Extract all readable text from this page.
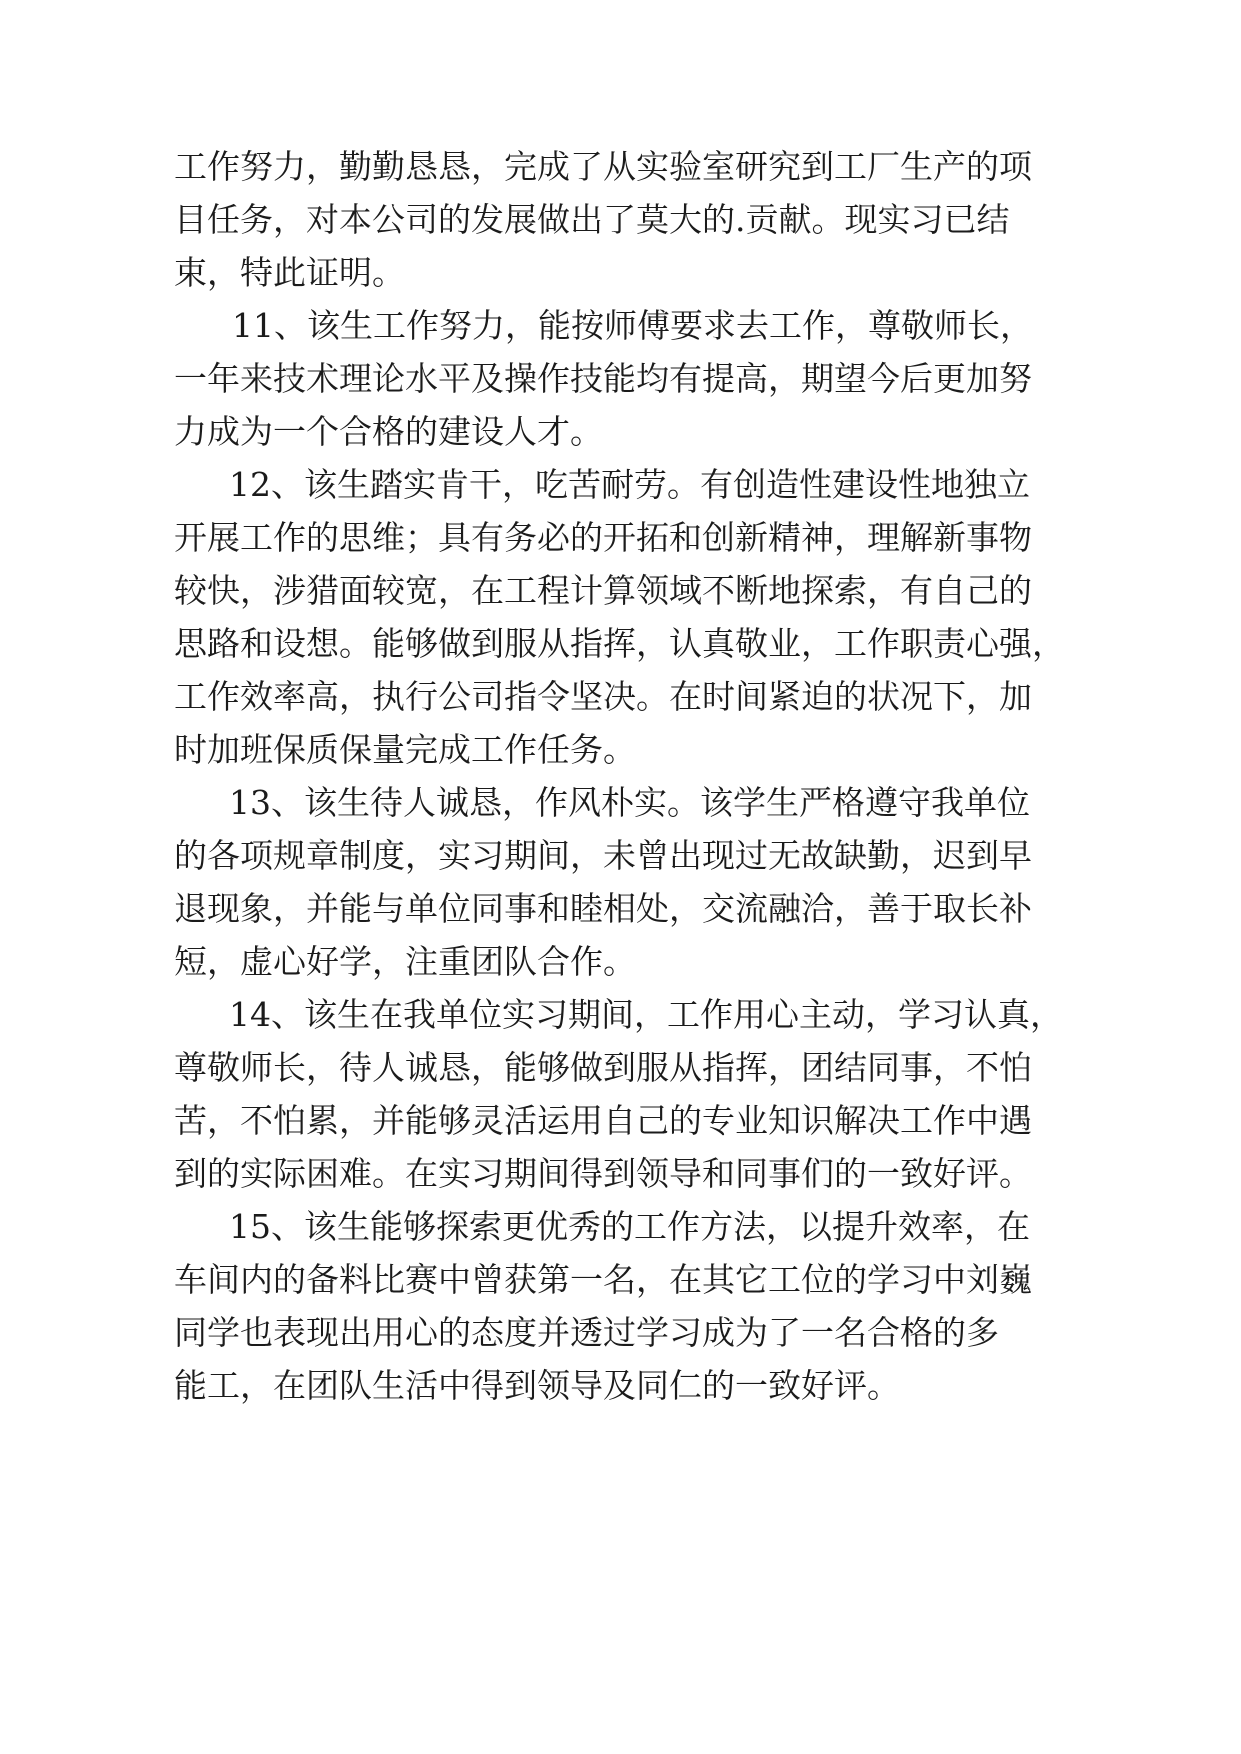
工作努力，勤勤恳恳，完成了从实验室研究到工厂生产的项
目任务，对本公司的发展做出了莫大的.贡献。现实习已结
束，特此证明。
11、该生工作努力，能按师傅要求去工作，尊敬师长，
一年来技术理论水平及操作技能均有提高，期望今后更加努
力成为一个合格的建设人才。
12、该生踏实肯干，吃苦耐劳。有创造性建设性地独立
开展工作的思维；具有务必的开拓和创新精神，理解新事物
较快，涉猎面较宽，在工程计算领域不断地探索，有自己的
思路和设想。能够做到服从指挥，认真敬业，工作职责心强，
工作效率高，执行公司指令坚决。在时间紧迫的状况下，加
时加班保质保量完成工作任务。
13、该生待人诚恳，作风朴实。该学生严格遵守我单位
的各项规章制度，实习期间，未曾出现过无故缺勤，迟到早
退现象，并能与单位同事和睦相处，交流融洽，善于取长补
短，虚心好学，注重团队合作。
14、该生在我单位实习期间，工作用心主动，学习认真，
尊敬师长，待人诚恳，能够做到服从指挥，团结同事，不怕
苦，不怕累，并能够灵活运用自己的专业知识解决工作中遇
到的实际困难。在实习期间得到领导和同事们的一致好评。
15、该生能够探索更优秀的工作方法，以提升效率，在
车间内的备料比赛中曾获第一名，在其它工位的学习中刘巍
同学也表现出用心的态度并透过学习成为了一名合格的多
能工，在团队生活中得到领导及同仁的一致好评。
